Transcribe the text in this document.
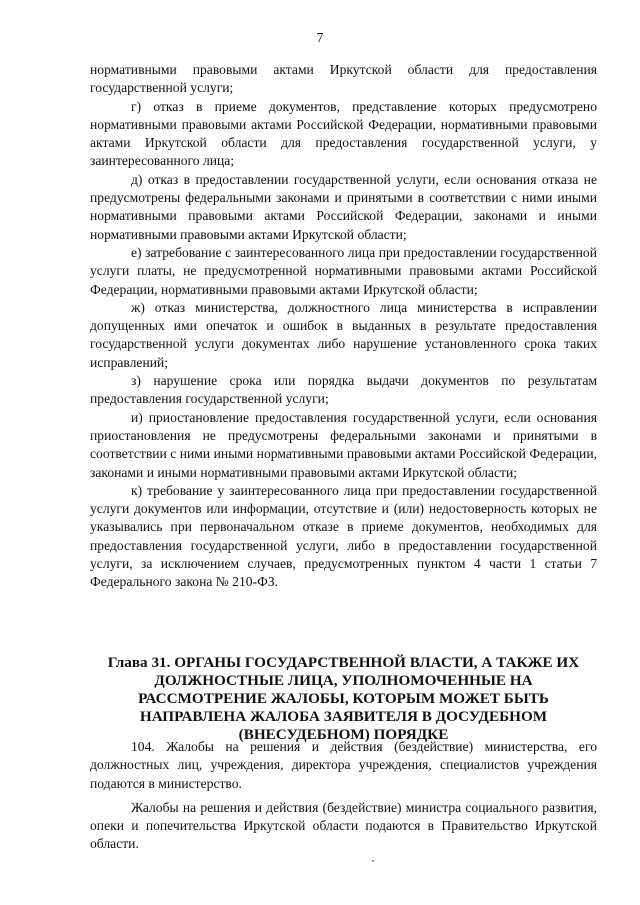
7

нормативными правовыми актами Иркутской области для предоставления государственной услуги;

г) отказ в приеме документов, представление которых предусмотрено нормативными правовыми актами Российской Федерации, нормативными правовыми актами Иркутской области для предоставления государственной услуги, у заинтересованного лица;

д) отказ в предоставлении государственной услуги, если основания отказа не предусмотрены федеральными законами и принятыми в соответствии с ними иными нормативными правовыми актами Российской Федерации, законами и иными нормативными правовыми актами Иркутской области;

е) затребование с заинтересованного лица при предоставлении государственной услуги платы, не предусмотренной нормативными правовыми актами Российской Федерации, нормативными правовыми актами Иркутской области;

ж) отказ министерства, должностного лица министерства в исправлении допущенных ими опечаток и ошибок в выданных в результате предоставления государственной услуги документах либо нарушение установленного срока таких исправлений;

з) нарушение срока или порядка выдачи документов по результатам предоставления государственной услуги;

и) приостановление предоставления государственной услуги, если основания приостановления не предусмотрены федеральными законами и принятыми в соответствии с ними иными нормативными правовыми актами Российской Федерации, законами и иными нормативными правовыми актами Иркутской области;

к) требование у заинтересованного лица при предоставлении государственной услуги документов или информации, отсутствие и (или) недостоверность которых не указывались при первоначальном отказе в приеме документов, необходимых для предоставления государственной услуги, либо в предоставлении государственной услуги, за исключением случаев, предусмотренных пунктом 4 части 1 статьи 7 Федерального закона № 210-ФЗ.

Глава 31. ОРГАНЫ ГОСУДАРСТВЕННОЙ ВЛАСТИ, А ТАКЖЕ ИХ ДОЛЖНОСТНЫЕ ЛИЦА, УПОЛНОМОЧЕННЫЕ НА РАССМОТРЕНИЕ ЖАЛОБЫ, КОТОРЫМ МОЖЕТ БЫТЬ НАПРАВЛЕНА ЖАЛОБА ЗАЯВИТЕЛЯ В ДОСУДЕБНОМ (ВНЕСУДЕБНОМ) ПОРЯДКЕ

104. Жалобы на решения и действия (бездействие) министерства, его должностных лиц, учреждения, директора учреждения, специалистов учреждения подаются в министерство.

Жалобы на решения и действия (бездействие) министра социального развития, опеки и попечительства Иркутской области подаются в Правительство Иркутской области.
